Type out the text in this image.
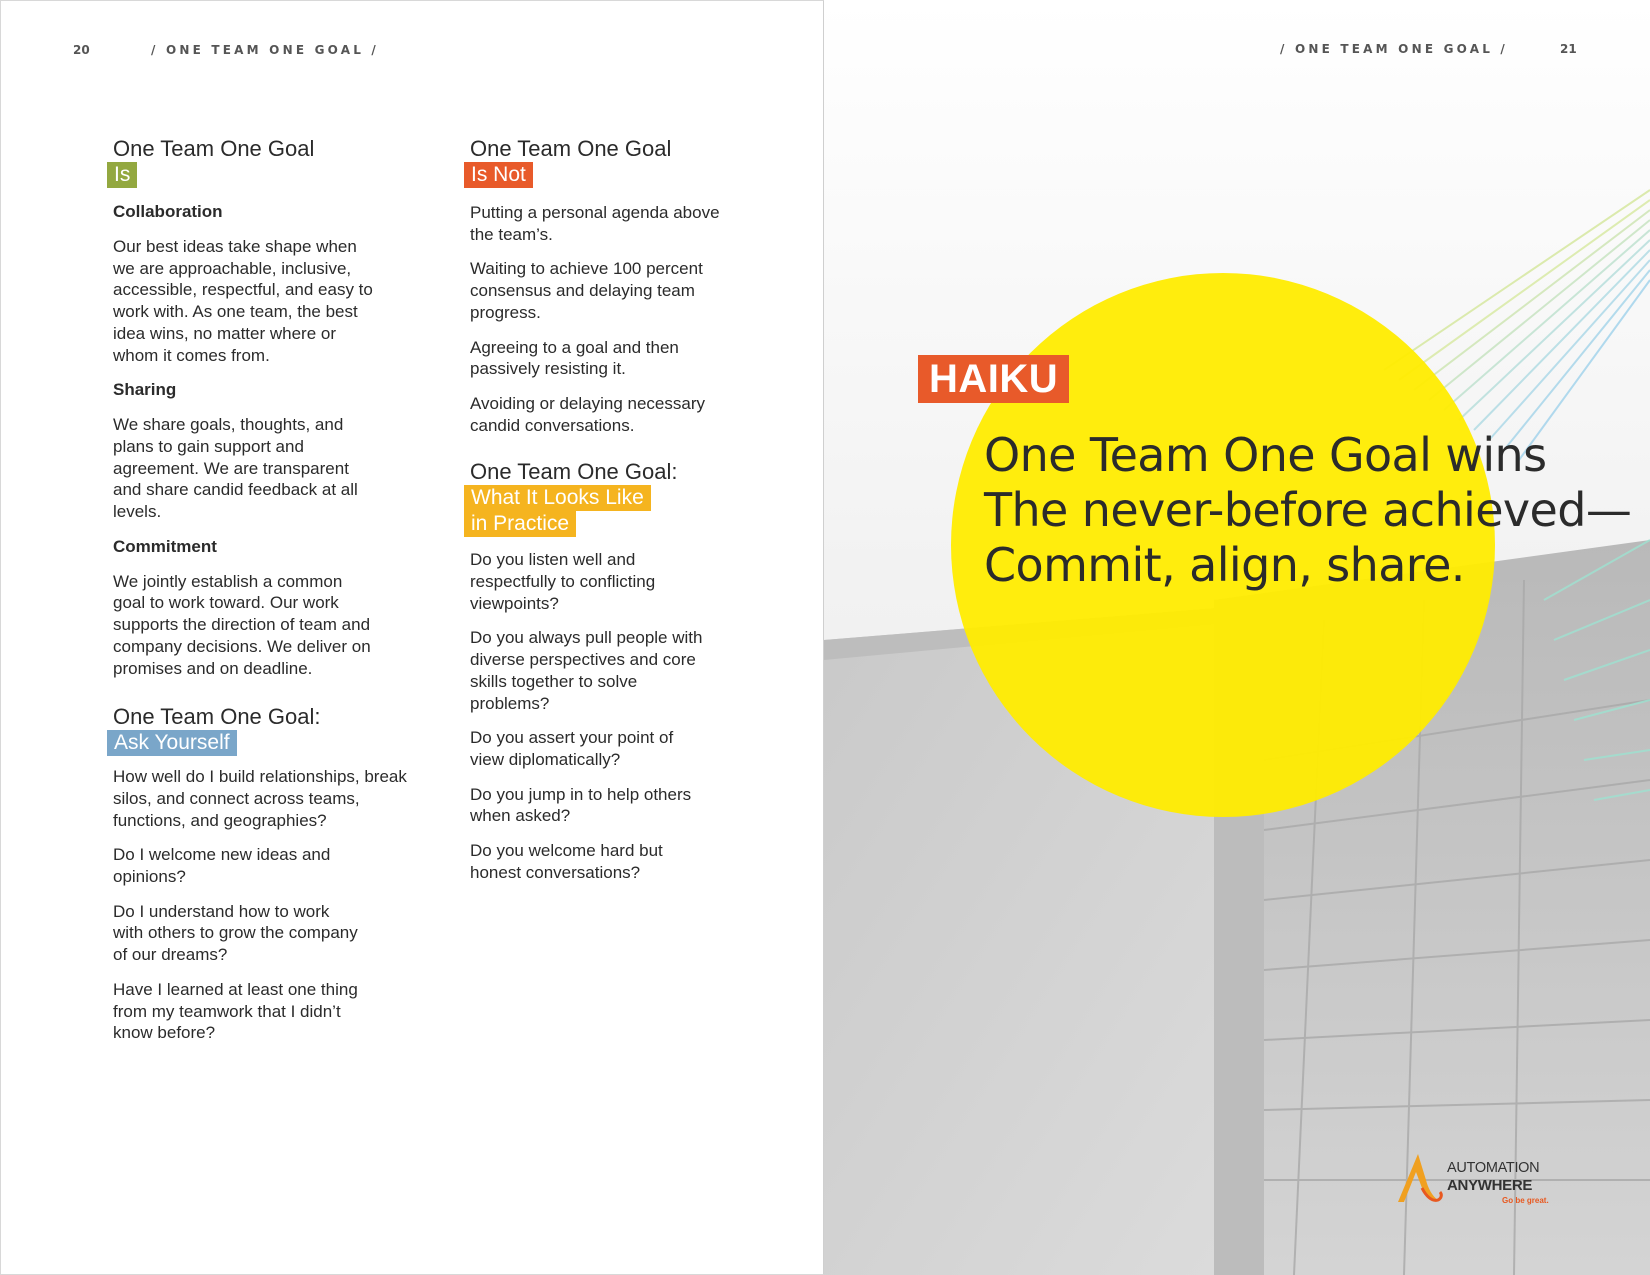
20	/ ONE TEAM ONE GOAL /

One Team One Goal

Is

Collaboration

Our best ideas take shape when we are approachable, inclusive, accessible, respectful, and easy to work with. As one team, the best idea wins, no matter where or whom it comes from.

Sharing

We share goals, thoughts, and plans to gain support and agreement. We are transparent and share candid feedback at all levels.

Commitment

We jointly establish a common goal to work toward. Our work supports the direction of team and company decisions. We deliver on promises and on deadline.

One Team One Goal:

Ask Yourself

How well do I build relationships, break silos, and connect across teams, functions, and geographies?

Do I welcome new ideas and opinions?

Do I understand how to work with others to grow the company of our dreams?

Have I learned at least one thing from my teamwork that I didn’t know before?

One Team One Goal

Is Not

Putting a personal agenda above the team’s.

Waiting to achieve 100 percent consensus and delaying team progress.

Agreeing to a goal and then passively resisting it.

Avoiding or delaying necessary candid conversations.

One Team One Goal:

What It Looks Like
in Practice

Do you listen well and respectfully to conflicting viewpoints?

Do you always pull people with diverse perspectives and core skills together to solve problems?

Do you assert your point of view diplomatically?

Do you jump in to help others when asked?

Do you welcome hard but honest conversations?

/ ONE TEAM ONE GOAL /	21
HAIKU
One Team One Goal wins
The never-before achieved—
Commit, align, share.
AUTOMATION
ANYWHERE
Go be great.
